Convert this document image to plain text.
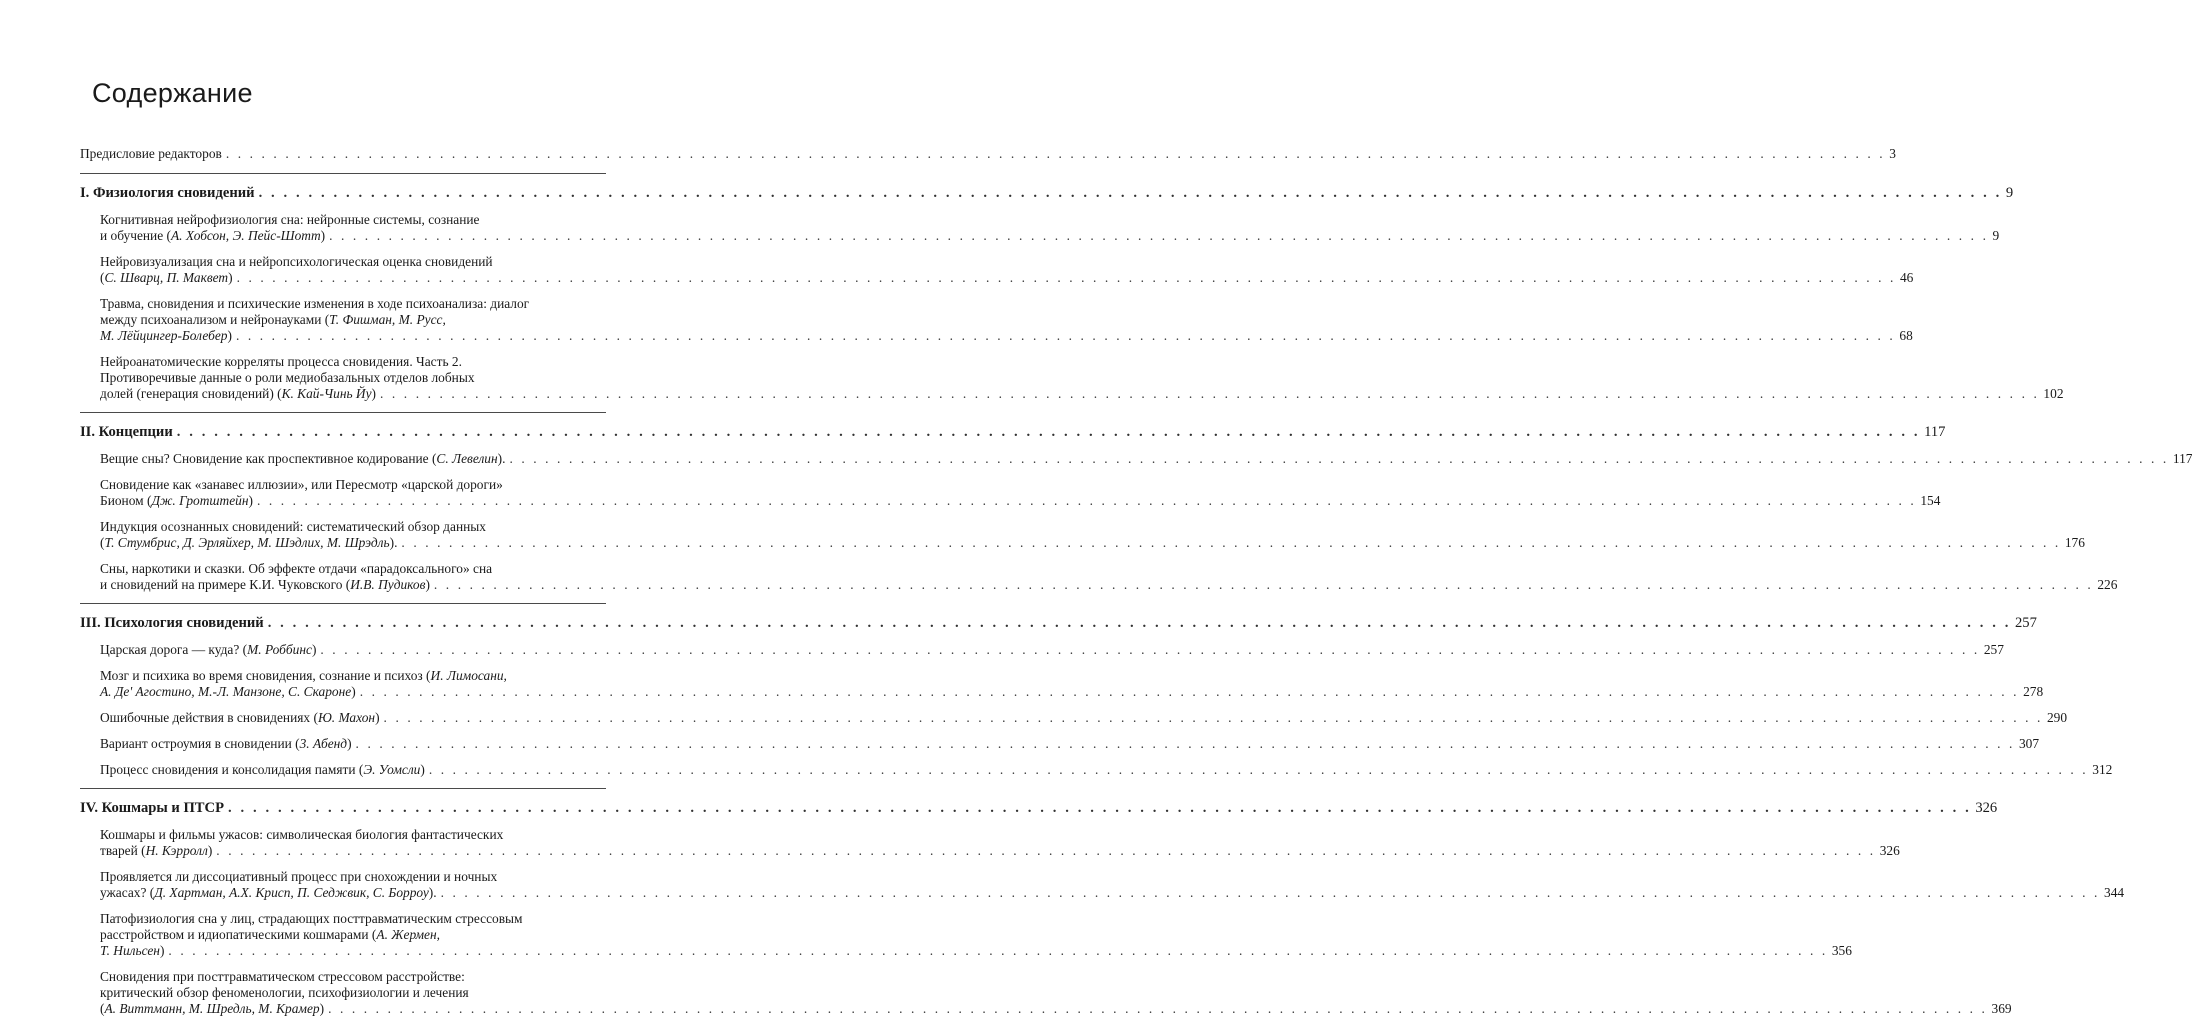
Содержание
Предисловие редакторов . . . . . . . . . . . . . . . . . . . . . . . . . . . . . . . . . . . . . . . . . . . . . . . . . . . . . . . . . . . . . . . . . . . . . . . . . . . . . . . . . . . . . . . . . . . . . . . . . . . . . . . . . . . . . . . . . . . . . . . . . . . . . . . . . . . . . . . . . . . . 3
I. Физиология сновидений . . . . . . . . . . . . . . . . . . . . . . . . . . . . . . . . . . . . . . . . . . . . . . . . . . . . . . . . . . . . . . . . . . . . . . . . . . . . . . . . . . . . . . . . . . . . . . . . . . . . . . . . . . . . . . . . . . . . . . . . . . . . . . . . . . . . . . . . . . . . 9
Когнитивная нейрофизиология сна: нейронные системы, сознание
и обучение (А. Хобсон, Э. Пейс-Шотт) . . . . . . . . . . . . . . . . . . . . . . . . . . . . . . . . . . . . . . . . . . . . . . . . . . . . . . . . . . . . . . . . . . . . . . . . . . . . . . . . . . . . . . . . . . . . . . . . . . . . . . . . . . . . . . . . . . . . . . . . . . . . . . . . . . . . . . . . . . . . 9
Нейровизуализация сна и нейропсихологическая оценка сновидений
(С. Шварц, П. Маквет) . . . . . . . . . . . . . . . . . . . . . . . . . . . . . . . . . . . . . . . . . . . . . . . . . . . . . . . . . . . . . . . . . . . . . . . . . . . . . . . . . . . . . . . . . . . . . . . . . . . . . . . . . . . . . . . . . . . . . . . . . . . . . . . . . . . . . . . . . . . . 46
Травма, сновидения и психические изменения в ходе психоанализа: диалог
между психоанализом и нейронауками (Т. Фишман, М. Русс,
М. Лёйцингер-Болебер) . . . . . . . . . . . . . . . . . . . . . . . . . . . . . . . . . . . . . . . . . . . . . . . . . . . . . . . . . . . . . . . . . . . . . . . . . . . . . . . . . . . . . . . . . . . . . . . . . . . . . . . . . . . . . . . . . . . . . . . . . . . . . . . . . . . . . . . . . . . . 68
Нейроанатомические корреляты процесса сновидения. Часть 2.
Противоречивые данные о роли медиобазальных отделов лобных
долей (генерация сновидений) (К. Кай-Чинь Йу) . . . . . . . . . . . . . . . . . . . . . . . . . . . . . . . . . . . . . . . . . . . . . . . . . . . . . . . . . . . . . . . . . . . . . . . . . . . . . . . . . . . . . . . . . . . . . . . . . . . . . . . . . . . . . . . . . . . . . . . . . . . . . . . . . . . . . . . . . . . . 102
II. Концепции . . . . . . . . . . . . . . . . . . . . . . . . . . . . . . . . . . . . . . . . . . . . . . . . . . . . . . . . . . . . . . . . . . . . . . . . . . . . . . . . . . . . . . . . . . . . . . . . . . . . . . . . . . . . . . . . . . . . . . . . . . . . . . . . . . . . . . . . . . . . 117
Вещие сны? Сновидение как проспективное кодирование (С. Левелин). . . . . . . . . . . . . . . . . . . . . . . . . . . . . . . . . . . . . . . . . . . . . . . . . . . . . . . . . . . . . . . . . . . . . . . . . . . . . . . . . . . . . . . . . . . . . . . . . . . . . . . . . . . . . . . . . . . . . . . . . . . . . . . . . . . . . . . . . . . . . 117
Сновидение как «занавес иллюзии», или Пересмотр «царской дороги»
Бионом (Дж. Гротштейн) . . . . . . . . . . . . . . . . . . . . . . . . . . . . . . . . . . . . . . . . . . . . . . . . . . . . . . . . . . . . . . . . . . . . . . . . . . . . . . . . . . . . . . . . . . . . . . . . . . . . . . . . . . . . . . . . . . . . . . . . . . . . . . . . . . . . . . . . . . . . 154
Индукция осознанных сновидений: систематический обзор данных
(Т. Стумбрис, Д. Эрляйхер, М. Шэдлих, М. Шрэдль). . . . . . . . . . . . . . . . . . . . . . . . . . . . . . . . . . . . . . . . . . . . . . . . . . . . . . . . . . . . . . . . . . . . . . . . . . . . . . . . . . . . . . . . . . . . . . . . . . . . . . . . . . . . . . . . . . . . . . . . . . . . . . . . . . . . . . . . . . . . . 176
Сны, наркотики и сказки. Об эффекте отдачи «парадоксального» сна
и сновидений на примере К.И. Чуковского (И.В. Пудиков) . . . . . . . . . . . . . . . . . . . . . . . . . . . . . . . . . . . . . . . . . . . . . . . . . . . . . . . . . . . . . . . . . . . . . . . . . . . . . . . . . . . . . . . . . . . . . . . . . . . . . . . . . . . . . . . . . . . . . . . . . . . . . . . . . . . . . . . . . . . . 226
III. Психология сновидений . . . . . . . . . . . . . . . . . . . . . . . . . . . . . . . . . . . . . . . . . . . . . . . . . . . . . . . . . . . . . . . . . . . . . . . . . . . . . . . . . . . . . . . . . . . . . . . . . . . . . . . . . . . . . . . . . . . . . . . . . . . . . . . . . . . . . . . . . . . . 257
Царская дорога — куда? (М. Роббинс) . . . . . . . . . . . . . . . . . . . . . . . . . . . . . . . . . . . . . . . . . . . . . . . . . . . . . . . . . . . . . . . . . . . . . . . . . . . . . . . . . . . . . . . . . . . . . . . . . . . . . . . . . . . . . . . . . . . . . . . . . . . . . . . . . . . . . . . . . . . . 257
Мозг и психика во время сновидения, сознание и психоз (И. Лимосани,
А. Де' Агостино, М.-Л. Манзоне, С. Скароне) . . . . . . . . . . . . . . . . . . . . . . . . . . . . . . . . . . . . . . . . . . . . . . . . . . . . . . . . . . . . . . . . . . . . . . . . . . . . . . . . . . . . . . . . . . . . . . . . . . . . . . . . . . . . . . . . . . . . . . . . . . . . . . . . . . . . . . . . . . . . 278
Ошибочные действия в сновидениях (Ю. Махон) . . . . . . . . . . . . . . . . . . . . . . . . . . . . . . . . . . . . . . . . . . . . . . . . . . . . . . . . . . . . . . . . . . . . . . . . . . . . . . . . . . . . . . . . . . . . . . . . . . . . . . . . . . . . . . . . . . . . . . . . . . . . . . . . . . . . . . . . . . . . 290
Вариант остроумия в сновидении (3. Абенд) . . . . . . . . . . . . . . . . . . . . . . . . . . . . . . . . . . . . . . . . . . . . . . . . . . . . . . . . . . . . . . . . . . . . . . . . . . . . . . . . . . . . . . . . . . . . . . . . . . . . . . . . . . . . . . . . . . . . . . . . . . . . . . . . . . . . . . . . . . . . 307
Процесс сновидения и консолидация памяти (Э. Уомсли) . . . . . . . . . . . . . . . . . . . . . . . . . . . . . . . . . . . . . . . . . . . . . . . . . . . . . . . . . . . . . . . . . . . . . . . . . . . . . . . . . . . . . . . . . . . . . . . . . . . . . . . . . . . . . . . . . . . . . . . . . . . . . . . . . . . . . . . . . . . . 312
IV. Кошмары и ПТСР . . . . . . . . . . . . . . . . . . . . . . . . . . . . . . . . . . . . . . . . . . . . . . . . . . . . . . . . . . . . . . . . . . . . . . . . . . . . . . . . . . . . . . . . . . . . . . . . . . . . . . . . . . . . . . . . . . . . . . . . . . . . . . . . . . . . . . . . . . . . 326
Кошмары и фильмы ужасов: символическая биология фантастических
тварей (Н. Кэрролл) . . . . . . . . . . . . . . . . . . . . . . . . . . . . . . . . . . . . . . . . . . . . . . . . . . . . . . . . . . . . . . . . . . . . . . . . . . . . . . . . . . . . . . . . . . . . . . . . . . . . . . . . . . . . . . . . . . . . . . . . . . . . . . . . . . . . . . . . . . . . 326
Проявляется ли диссоциативный процесс при снохождении и ночных
ужасах? (Д. Хартман, А.Х. Крисп, П. Седжвик, С. Борроу). . . . . . . . . . . . . . . . . . . . . . . . . . . . . . . . . . . . . . . . . . . . . . . . . . . . . . . . . . . . . . . . . . . . . . . . . . . . . . . . . . . . . . . . . . . . . . . . . . . . . . . . . . . . . . . . . . . . . . . . . . . . . . . . . . . . . . . . . . . . . 344
Патофизиология сна у лиц, страдающих посттравматическим стрессовым
расстройством и идиопатическими кошмарами (А. Жермен,
Т. Нильсен) . . . . . . . . . . . . . . . . . . . . . . . . . . . . . . . . . . . . . . . . . . . . . . . . . . . . . . . . . . . . . . . . . . . . . . . . . . . . . . . . . . . . . . . . . . . . . . . . . . . . . . . . . . . . . . . . . . . . . . . . . . . . . . . . . . . . . . . . . . . . 356
Сновидения при посттравматическом стрессовом расстройстве:
критический обзор феноменологии, психофизиологии и лечения
(А. Виттманн, М. Шредль, М. Крамер) . . . . . . . . . . . . . . . . . . . . . . . . . . . . . . . . . . . . . . . . . . . . . . . . . . . . . . . . . . . . . . . . . . . . . . . . . . . . . . . . . . . . . . . . . . . . . . . . . . . . . . . . . . . . . . . . . . . . . . . . . . . . . . . . . . . . . . . . . . . . 369
